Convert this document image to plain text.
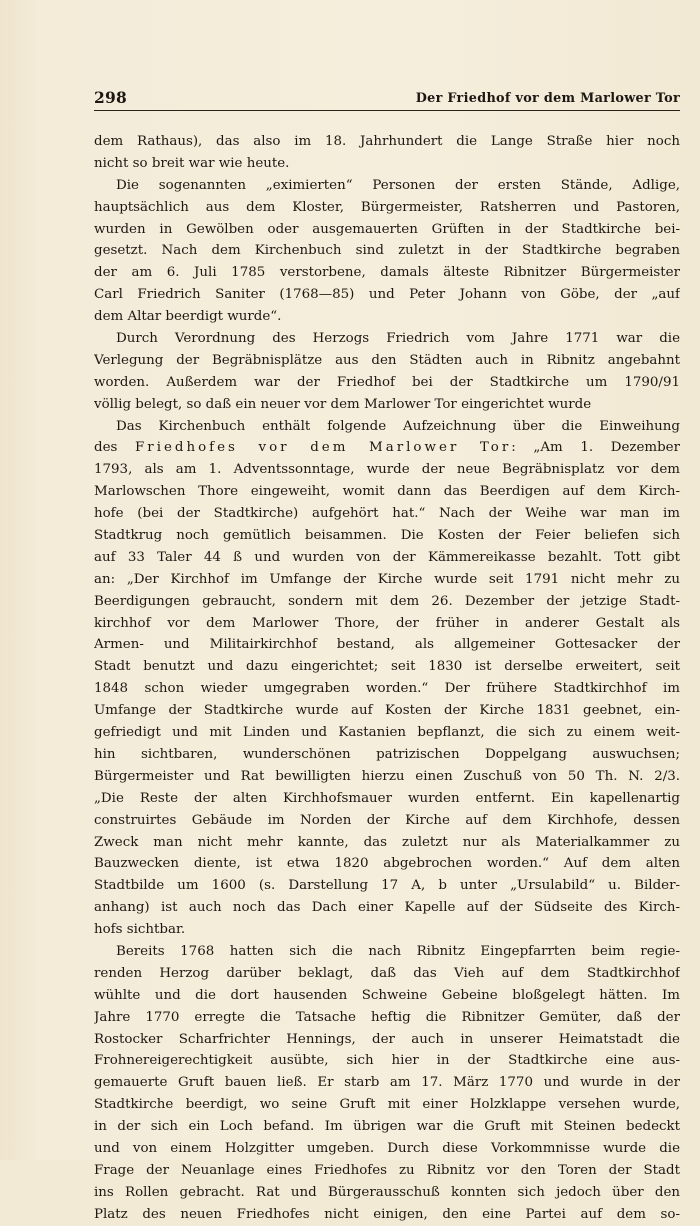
298	Der Friedhof vor dem Marlower Tor
dem Rathaus), das also im 18. Jahrhundert die Lange Straße hier noch
nicht so breit war wie heute.
Die sogenannten „eximierten“ Personen der ersten Stände, Adlige,
hauptsächlich aus dem Kloster, Bürgermeister, Ratsherren und Pastoren,
wurden in Gewölben oder ausgemauerten Grüften in der Stadtkirche bei-
gesetzt. Nach dem Kirchenbuch sind zuletzt in der Stadtkirche begraben
der am 6. Juli 1785 verstorbene, damals älteste Ribnitzer Bürgermeister
Carl Friedrich Saniter (1768—85) und Peter Johann von Göbe, der „auf
dem Altar beerdigt wurde“.
Durch Verordnung des Herzogs Friedrich vom Jahre 1771 war die
Verlegung der Begräbnisplätze aus den Städten auch in Ribnitz angebahnt
worden. Außerdem war der Friedhof bei der Stadtkirche um 1790/91
völlig belegt, so daß ein neuer vor dem Marlower Tor eingerichtet wurde
Das Kirchenbuch enthält folgende Aufzeichnung über die Einweihung
des Friedhofes vor dem Marlower Tor: „Am 1. Dezember
1793, als am 1. Adventssonntage, wurde der neue Begräbnisplatz vor dem
Marlowschen Thore eingeweiht, womit dann das Beerdigen auf dem Kirch-
hofe (bei der Stadtkirche) aufgehört hat.“ Nach der Weihe war man im
Stadtkrug noch gemütlich beisammen. Die Kosten der Feier beliefen sich
auf 33 Taler 44 ß und wurden von der Kämmereikasse bezahlt. Tott gibt
an: „Der Kirchhof im Umfange der Kirche wurde seit 1791 nicht mehr zu
Beerdigungen gebraucht, sondern mit dem 26. Dezember der jetzige Stadt-
kirchhof vor dem Marlower Thore, der früher in anderer Gestalt als
Armen- und Militairkirchhof bestand, als allgemeiner Gottesacker der
Stadt benutzt und dazu eingerichtet; seit 1830 ist derselbe erweitert, seit
1848 schon wieder umgegraben worden.“ Der frühere Stadtkirchhof im
Umfange der Stadtkirche wurde auf Kosten der Kirche 1831 geebnet, ein-
gefriedigt und mit Linden und Kastanien bepflanzt, die sich zu einem weit-
hin sichtbaren, wunderschönen patrizischen Doppelgang auswuchsen;
Bürgermeister und Rat bewilligten hierzu einen Zuschuß von 50 Th. N. 2/3.
„Die Reste der alten Kirchhofsmauer wurden entfernt. Ein kapellenartig
construirtes Gebäude im Norden der Kirche auf dem Kirchhofe, dessen
Zweck man nicht mehr kannte, das zuletzt nur als Materialkammer zu
Bauzwecken diente, ist etwa 1820 abgebrochen worden.“ Auf dem alten
Stadtbilde um 1600 (s. Darstellung 17 A, b unter „Ursulabild“ u. Bilder-
anhang) ist auch noch das Dach einer Kapelle auf der Südseite des Kirch-
hofs sichtbar.
Bereits 1768 hatten sich die nach Ribnitz Eingepfarrten beim regie-
renden Herzog darüber beklagt, daß das Vieh auf dem Stadtkirchhof
wühlte und die dort hausenden Schweine Gebeine bloßgelegt hätten. Im
Jahre 1770 erregte die Tatsache heftig die Ribnitzer Gemüter, daß der
Rostocker Scharfrichter Hennings, der auch in unserer Heimatstadt die
Frohnereigerechtigkeit ausübte, sich hier in der Stadtkirche eine aus-
gemauerte Gruft bauen ließ. Er starb am 17. März 1770 und wurde in der
Stadtkirche beerdigt, wo seine Gruft mit einer Holzklappe versehen wurde,
in der sich ein Loch befand. Im übrigen war die Gruft mit Steinen bedeckt
und von einem Holzgitter umgeben. Durch diese Vorkommnisse wurde die
Frage der Neuanlage eines Friedhofes zu Ribnitz vor den Toren der Stadt
ins Rollen gebracht. Rat und Bürgerausschuß konnten sich jedoch über den
Platz des neuen Friedhofes nicht einigen, den eine Partei auf dem so-
